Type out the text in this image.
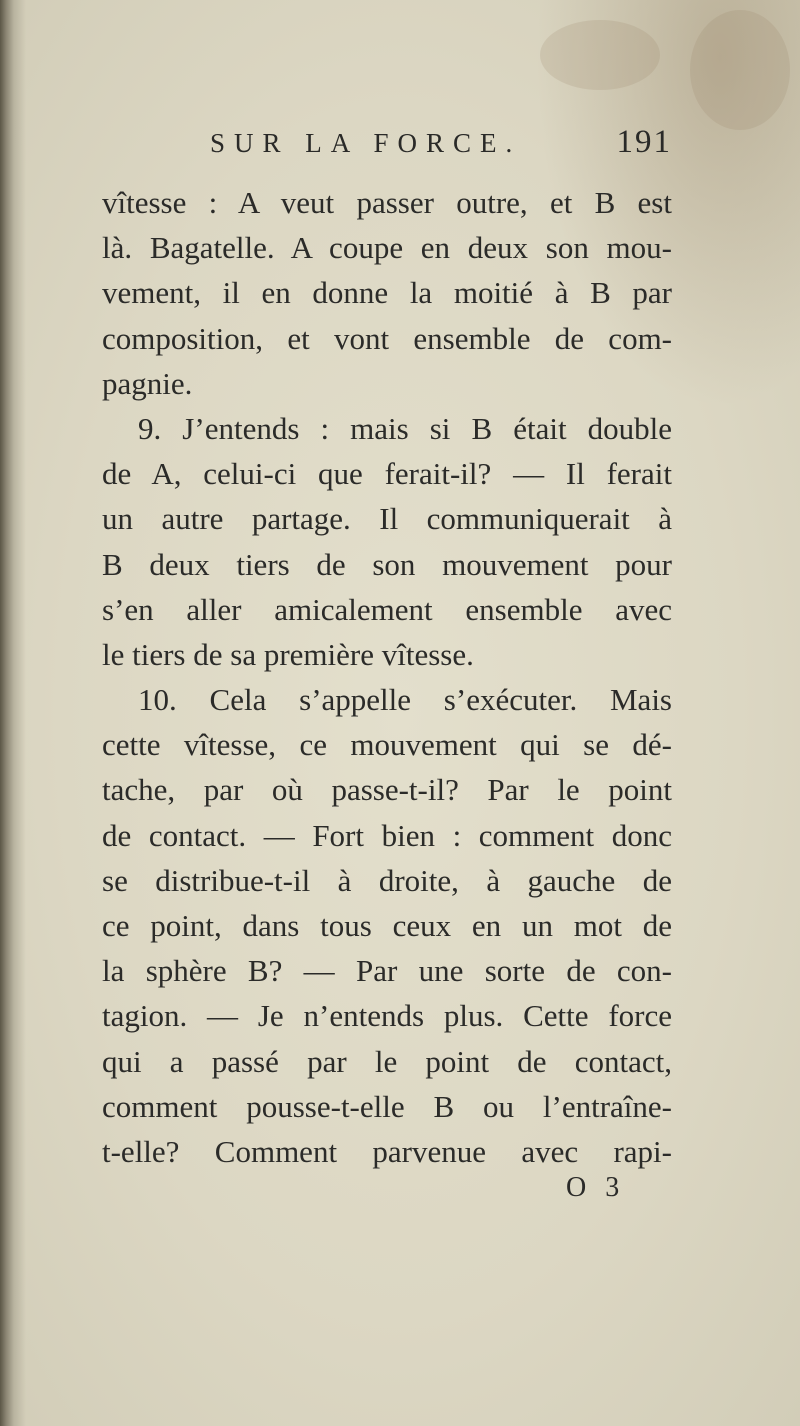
SUR LA FORCE.	191
vîtesse : A veut passer outre, et B est
là. Bagatelle. A coupe en deux son mou-
vement, il en donne la moitié à B par
composition, et vont ensemble de com-
pagnie.
9. J’entends : mais si B était double
de A, celui-ci que ferait-il? — Il ferait
un autre partage. Il communiquerait à
B deux tiers de son mouvement pour
s’en aller amicalement ensemble avec
le tiers de sa première vîtesse.
10. Cela s’appelle s’exécuter. Mais
cette vîtesse, ce mouvement qui se dé-
tache, par où passe-t-il? Par le point
de contact. — Fort bien : comment donc
se distribue-t-il à droite, à gauche de
ce point, dans tous ceux en un mot de
la sphère B? — Par une sorte de con-
tagion. — Je n’entends plus. Cette force
qui a passé par le point de contact,
comment pousse-t-elle B ou l’entraîne-
t-elle? Comment parvenue avec rapi-
O 3
